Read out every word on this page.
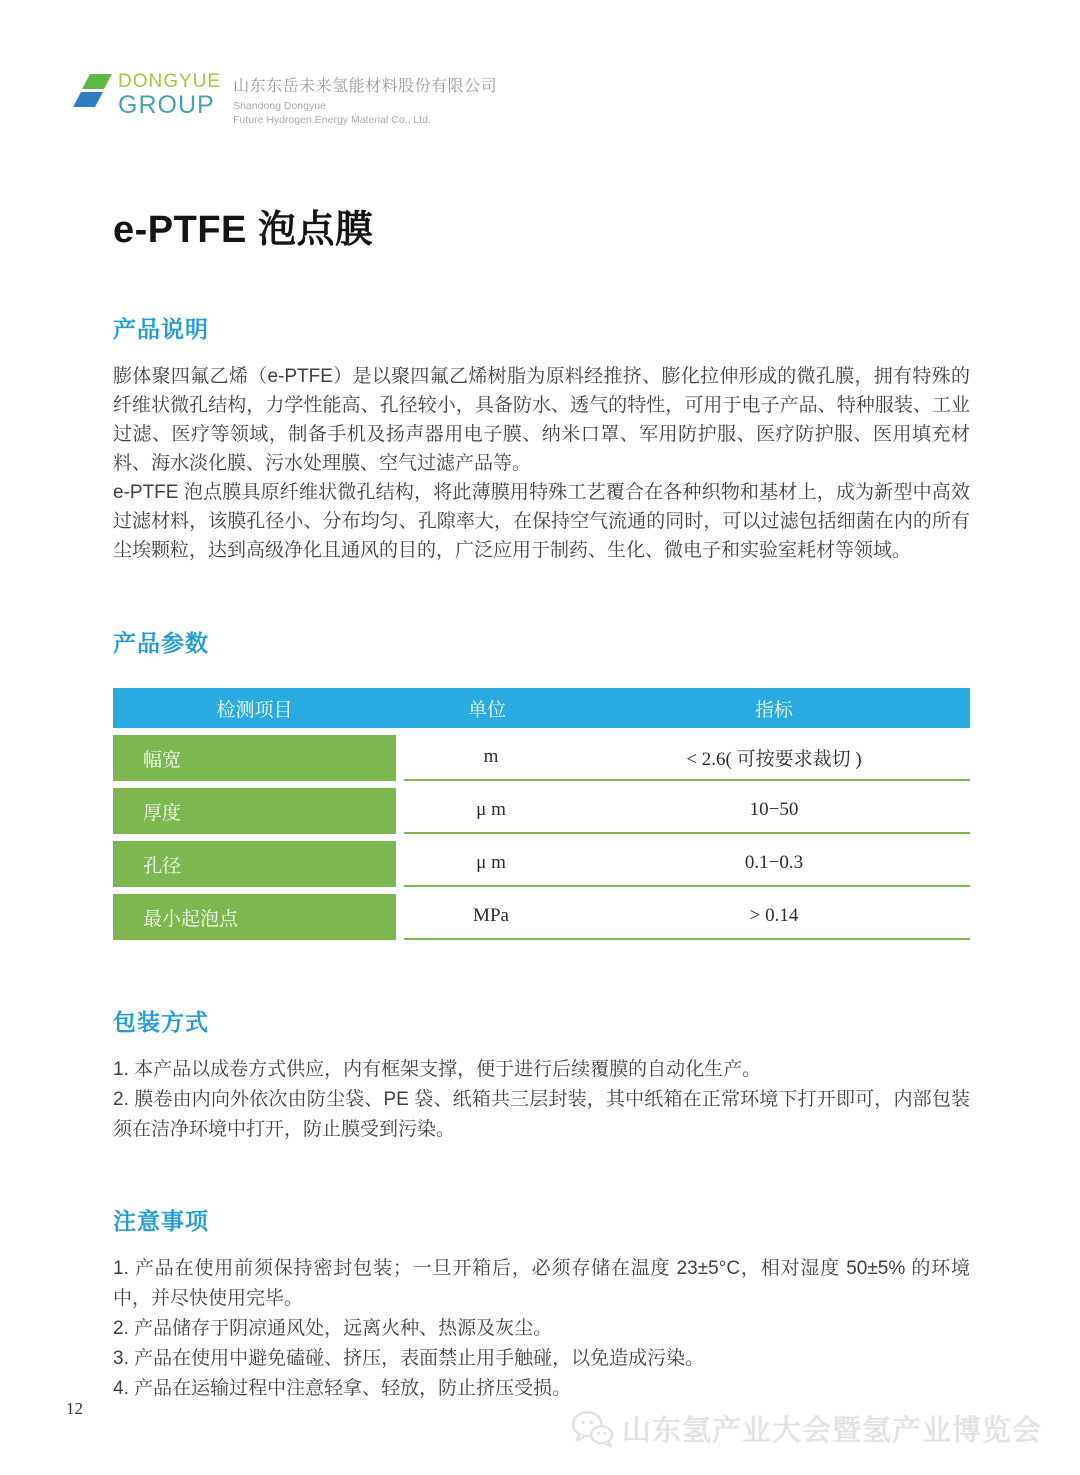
DONGYUE
GROUP
山东东岳未来氢能材料股份有限公司
Shandong Dongyue
Future Hydrogen Energy Material Co., Ltd.
e-PTFE 泡点膜
产品说明

膨体聚四氟乙烯（e-PTFE）是以聚四氟乙烯树脂为原料经推挤、膨化拉伸形成的微孔膜，拥有特殊的纤维状微孔结构，力学性能高、孔径较小，具备防水、透气的特性，可用于电子产品、特种服装、工业过滤、医疗等领域，制备手机及扬声器用电子膜、纳米口罩、军用防护服、医疗防护服、医用填充材料、海水淡化膜、污水处理膜、空气过滤产品等。

e-PTFE 泡点膜具原纤维状微孔结构，将此薄膜用特殊工艺覆合在各种织物和基材上，成为新型中高效过滤材料，该膜孔径小、分布均匀、孔隙率大，在保持空气流通的同时，可以过滤包括细菌在内的所有尘埃颗粒，达到高级净化且通风的目的，广泛应用于制药、生化、微电子和实验室耗材等领域。

产品参数
检测项目	单位	指标
幅宽	m	< 2.6( 可按要求裁切 )
厚度	μ m	10−50
孔径	μ m	0.1−0.3
最小起泡点	MPa	> 0.14
包装方式

1. 本产品以成卷方式供应，内有框架支撑，便于进行后续覆膜的自动化生产。

2. 膜卷由内向外依次由防尘袋、PE 袋、纸箱共三层封装，其中纸箱在正常环境下打开即可，内部包装须在洁净环境中打开，防止膜受到污染。

注意事项

1. 产品在使用前须保持密封包装；一旦开箱后，必须存储在温度 23±5°C，相对湿度 50±5% 的环境中，并尽快使用完毕。

2. 产品储存于阴凉通风处，远离火种、热源及灰尘。

3. 产品在使用中避免磕碰、挤压，表面禁止用手触碰，以免造成污染。

4. 产品在运输过程中注意轻拿、轻放，防止挤压受损。

12
山东氢产业大会暨氢产业博览会
